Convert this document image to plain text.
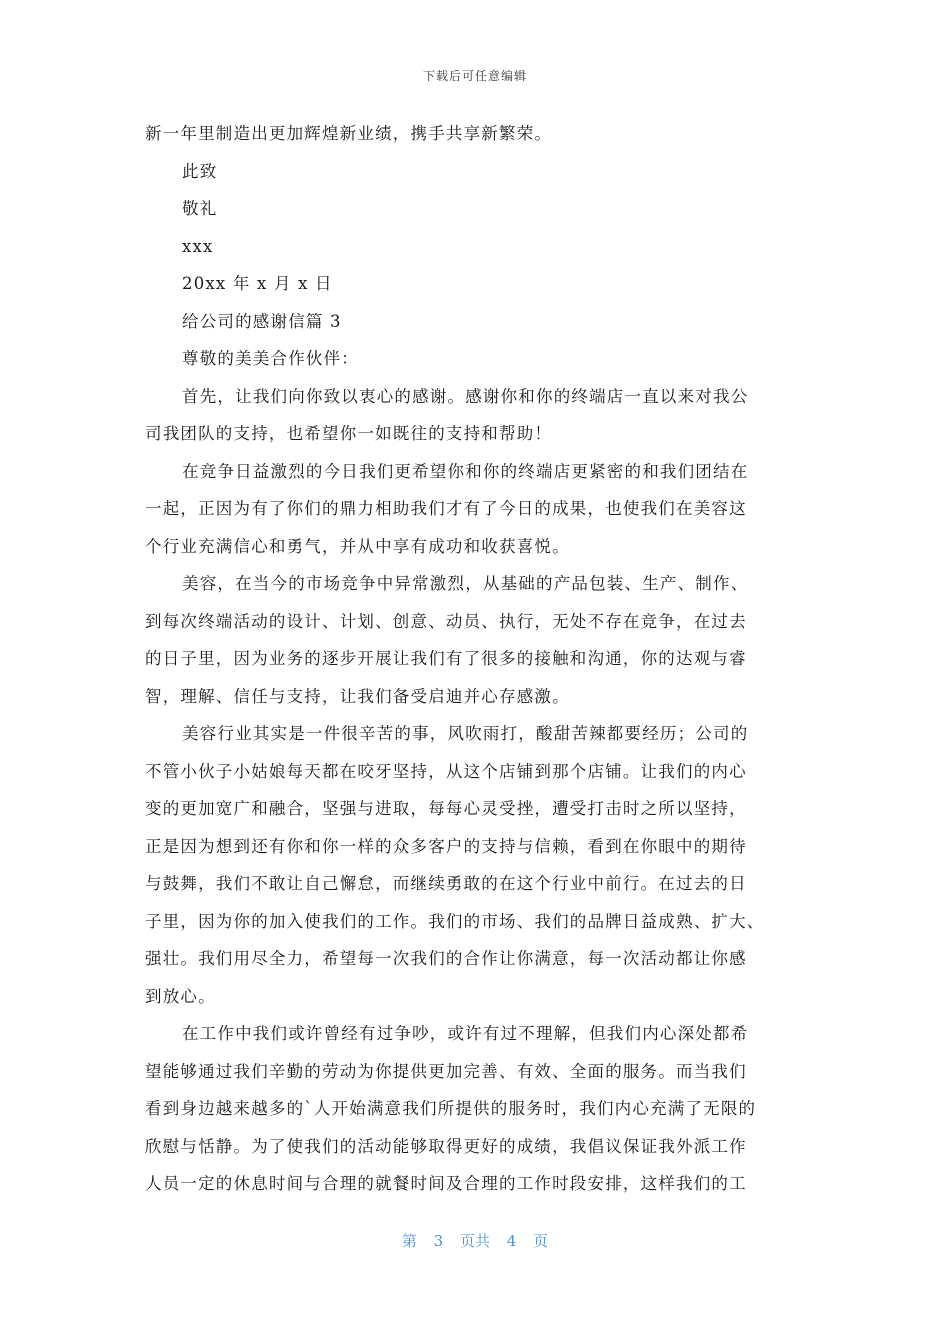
下载后可任意编辑
新一年里制造出更加辉煌新业绩，携手共享新繁荣。
此致
敬礼
xxx
20xx 年 x 月 x 日
给公司的感谢信篇 3
尊敬的美美合作伙伴：
首先，让我们向你致以衷心的感谢。感谢你和你的终端店一直以来对我公
司我团队的支持，也希望你一如既往的支持和帮助！
在竞争日益激烈的今日我们更希望你和你的终端店更紧密的和我们团结在
一起，正因为有了你们的鼎力相助我们才有了今日的成果，也使我们在美容这
个行业充满信心和勇气，并从中享有成功和收获喜悦。
美容，在当今的市场竞争中异常激烈，从基础的产品包装、生产、制作、
到每次终端活动的设计、计划、创意、动员、执行，无处不存在竞争，在过去
的日子里，因为业务的逐步开展让我们有了很多的接触和沟通，你的达观与睿
智，理解、信任与支持，让我们备受启迪并心存感激。
美容行业其实是一件很辛苦的事，风吹雨打，酸甜苦辣都要经历；公司的
不管小伙子小姑娘每天都在咬牙坚持，从这个店铺到那个店铺。让我们的内心
变的更加宽广和融合，坚强与进取，每每心灵受挫，遭受打击时之所以坚持，
正是因为想到还有你和你一样的众多客户的支持与信赖，看到在你眼中的期待
与鼓舞，我们不敢让自己懈怠，而继续勇敢的在这个行业中前行。在过去的日
子里，因为你的加入使我们的工作。我们的市场、我们的品牌日益成熟、扩大、
强壮。我们用尽全力，希望每一次我们的合作让你满意，每一次活动都让你感
到放心。
在工作中我们或许曾经有过争吵，或许有过不理解，但我们内心深处都希
望能够通过我们辛勤的劳动为你提供更加完善、有效、全面的服务。而当我们
看到身边越来越多的`人开始满意我们所提供的服务时，我们内心充满了无限的
欣慰与恬静。为了使我们的活动能够取得更好的成绩，我倡议保证我外派工作
人员一定的休息时间与合理的就餐时间及合理的工作时段安排，这样我们的工
第 3 页共 4 页
